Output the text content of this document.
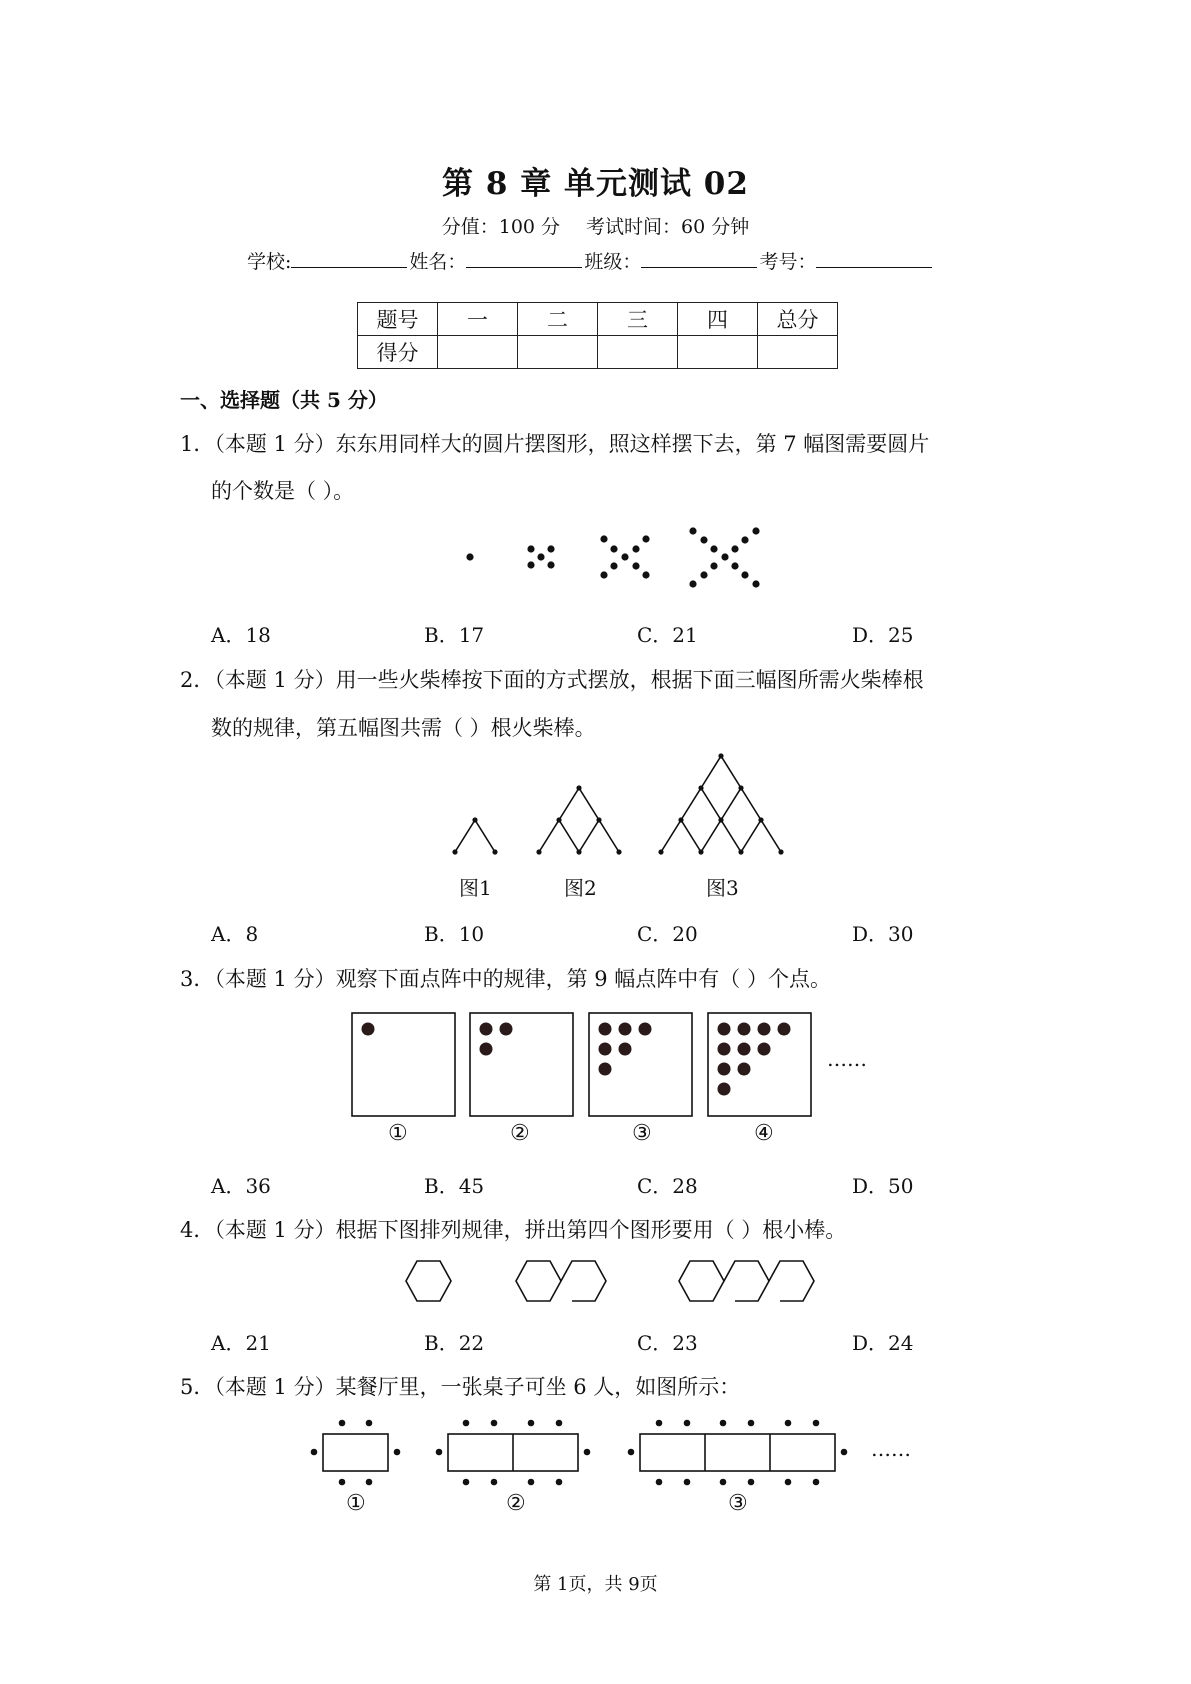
第 8 章 单元测试 02
分值：100 分 考试时间：60 分钟
学校:	姓名：	班级：	考号：
题号	一	二	三	四	总分
得分					
一、选择题（共 5 分）
1．（本题 1 分）东东用同样大的圆片摆图形，照这样摆下去，第 7 幅图需要圆片
的个数是（ ）。
A．18	B．17	C．21	D．25
2．（本题 1 分）用一些火柴棒按下面的方式摆放，根据下面三幅图所需火柴棒根
数的规律，第五幅图共需（ ）根火柴棒。
图1	图2	图3
A．8	B．10	C．20	D．30
3．（本题 1 分）观察下面点阵中的规律，第 9 幅点阵中有（ ）个点。
……
①	②	③	④
A．36	B．45	C．28	D．50
4．（本题 1 分）根据下图排列规律，拼出第四个图形要用（ ）根小棒。
A．21	B．22	C．23	D．24
5．（本题 1 分）某餐厅里，一张桌子可坐 6 人，如图所示：
……
①	②	③
第 1页，共 9页
